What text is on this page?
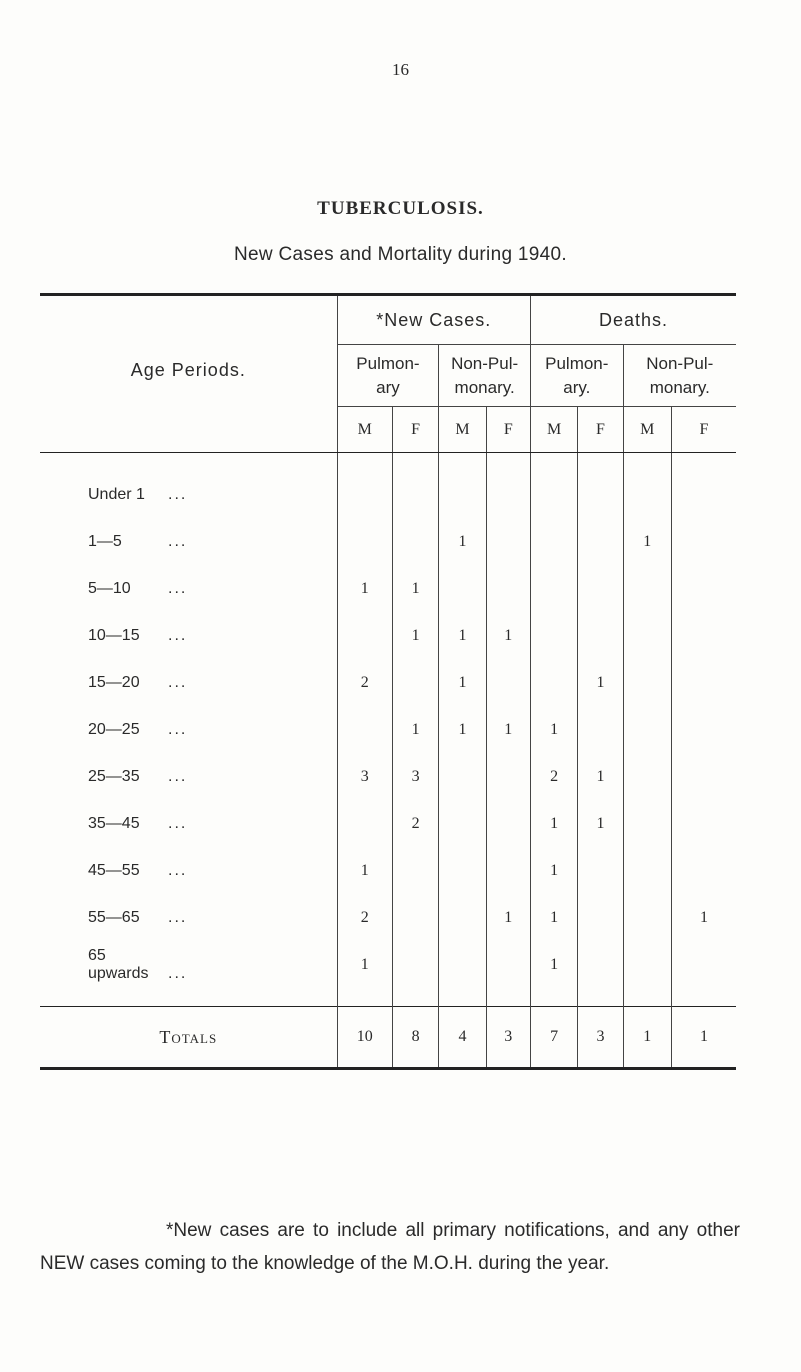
16
TUBERCULOSIS.
New Cases and Mortality during 1940.
Age Periods.	*New Cases.				Deaths.			

	Pulmon-ary		Non-Pul-monary.		Pulmon-ary.		Non-Pul-monary.	

	M	F	M	F	M	F	M	F

Under 1 ...								
1—5 ...			1				1	
5—10 ...	1	1						
10—15 ...		1	1	1				
15—20 ...	2		1			1		
20—25 ...		1	1	1	1			
25—35 ...	3	3			2	1		
35—45 ...		2			1	1		
45—55 ...	1				1			
55—65 ...	2			1	1			1
65 upwards ...	1				1			

Totals	10	8	4	3	7	3	1	1
*New cases are to include all primary notifications, and any other NEW cases coming to the knowledge of the M.O.H. during the year.
